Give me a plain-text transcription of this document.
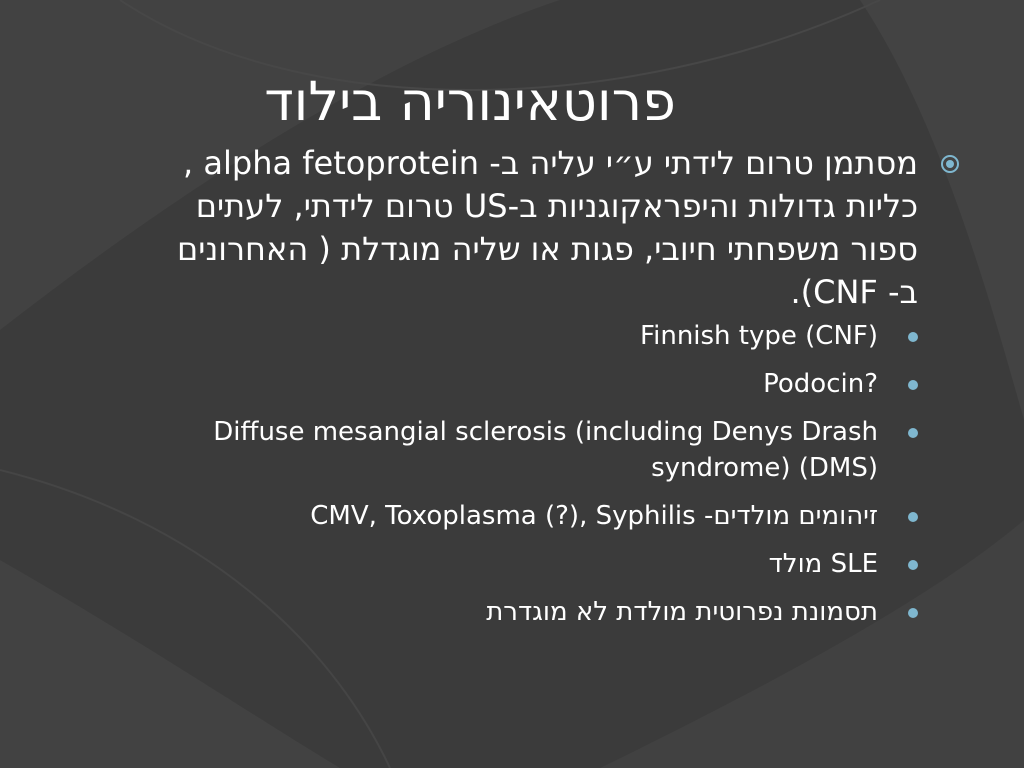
פרוטאינוריה בילוד
מסתמן טרום לידתי ע״י עליה ב- alpha fetoprotein , כליות גדולות והיפראקוגניות ב-US טרום לידתי, לעתים ספור משפחתי חיובי, פגות או שליה מוגדלת ( האחרונים ב- CNF).
Finnish type (CNF)
Podocin?
Diffuse mesangial sclerosis (including Denys Drash syndrome) (DMS)
זיהומים מולדים- CMV, Toxoplasma (?), Syphilis
SLE מולד
תסמונת נפרוטית מולדת לא מוגדרת
